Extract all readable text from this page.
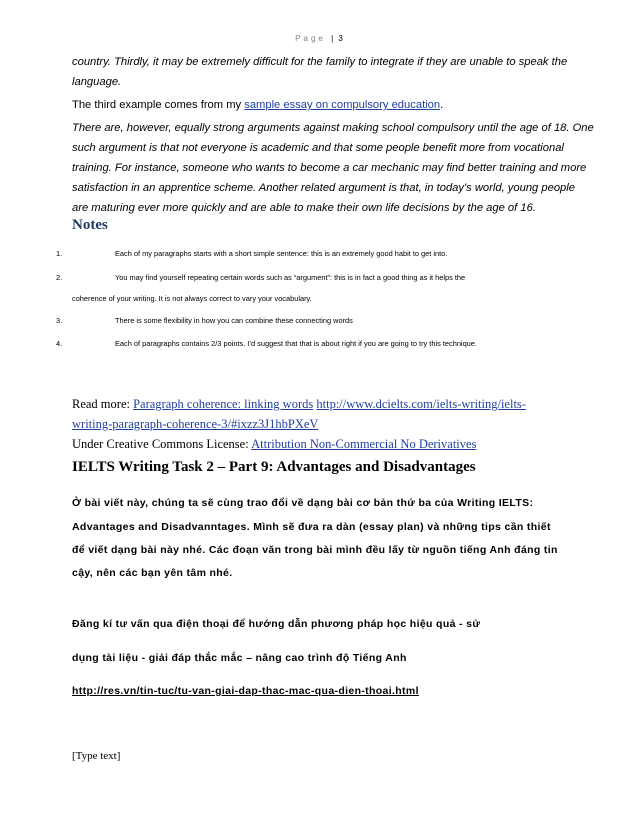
Page | 3
country. Thirdly, it may be extremely difficult for the family to integrate if they are unable to speak the
language.
The third example comes from my sample essay on compulsory education.
There are, however, equally strong arguments against making school compulsory until the age of 18. One
such argument is that not everyone is academic and that some people benefit more from vocational
training. For instance, someone who wants to become a car mechanic may find better training and more
satisfaction in an apprentice scheme. Another related argument is that, in today's world, young people
are maturing ever more quickly and are able to make their own life decisions by the age of 16.
Notes
1.	Each of my paragraphs starts with a short simple sentence: this is an extremely good habit to get into.
2.	You may find yourself repeating certain words such as “argument”: this is in fact a good thing as it helps the
coherence of your writing. It is not always correct to vary your vocabulary.
3.	There is some flexibility in how you can combine these connecting words
4.	Each of paragraphs contains 2/3 points. I’d suggest that that is about right if you are going to try this technique.
Read more: Paragraph coherence: linking words http://www.dcielts.com/ielts-writing/ielts-
writing-paragraph-coherence-3/#ixzz3J1hbPXeV
Under Creative Commons License: Attribution Non-Commercial No Derivatives
IELTS Writing Task 2 – Part 9: Advantages and Disadvantages
Ở bài viết này, chúng ta sẽ cùng trao đổi về dạng bài cơ bản thứ ba của Writing IELTS:
Advantages and Disadvanntages. Mình sẽ đưa ra dàn (essay plan) và những tips cần thiết
để viết dạng bài này nhé. Các đoạn văn trong bài mình đều lấy từ nguồn tiếng Anh đáng tin
cậy, nên các bạn yên tâm nhé.
Đăng kí tư vấn qua điện thoại để hướng dẫn phương pháp học hiệu quả - sử
dụng tài liệu - giải đáp thắc mắc – nâng cao trình độ Tiếng Anh
http://res.vn/tin-tuc/tu-van-giai-dap-thac-mac-qua-dien-thoai.html
[Type text]
